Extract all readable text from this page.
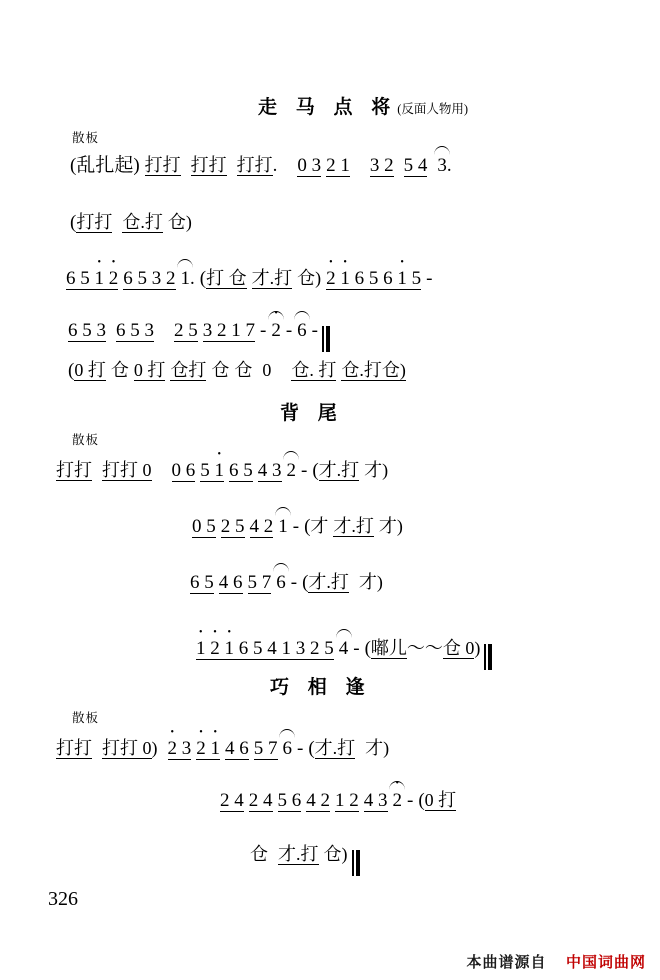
走 马 点 将(反面人物用)
散板
(乱扎起) 打打 打打 打打. 0 3 2 1 3 2 5 4 3.
(打打 仓.打 仓)
6 5 • 1 • 2 6 5 3 2 1. (打 仓 才.打 仓) • 2 • 1 6 5 6 • 1 5 -
6 5 3 6 5 3 2 5 3 2 1 7 - • 2 - 6 -
(0 打 仓 0 打 仓打 仓 仓 0 仓. 打 仓.打仓)
背 尾
散板
打打 打打 0 0 6 5 • 1 6 5 4 3 2 - (才.打 才)
0 5 2 5 4 2 1 - (才 才.打 才)
6 5 4 6 5 7 6 - (才.打 才)
• 1 • 2 • 1 6 5 4 1 3 2 5 4 - (嘟儿〜〜仓 0)
巧 相 逢
散板
打打 打打 0) • 2 3 • 2 • 1 4 6 5 7 6 - (才.打 才)
2 4 2 4 5 6 4 2 1 2 4 3 • 2 - (0 打
仓 才.打 仓)
326
本曲谱源自 中国词曲网
